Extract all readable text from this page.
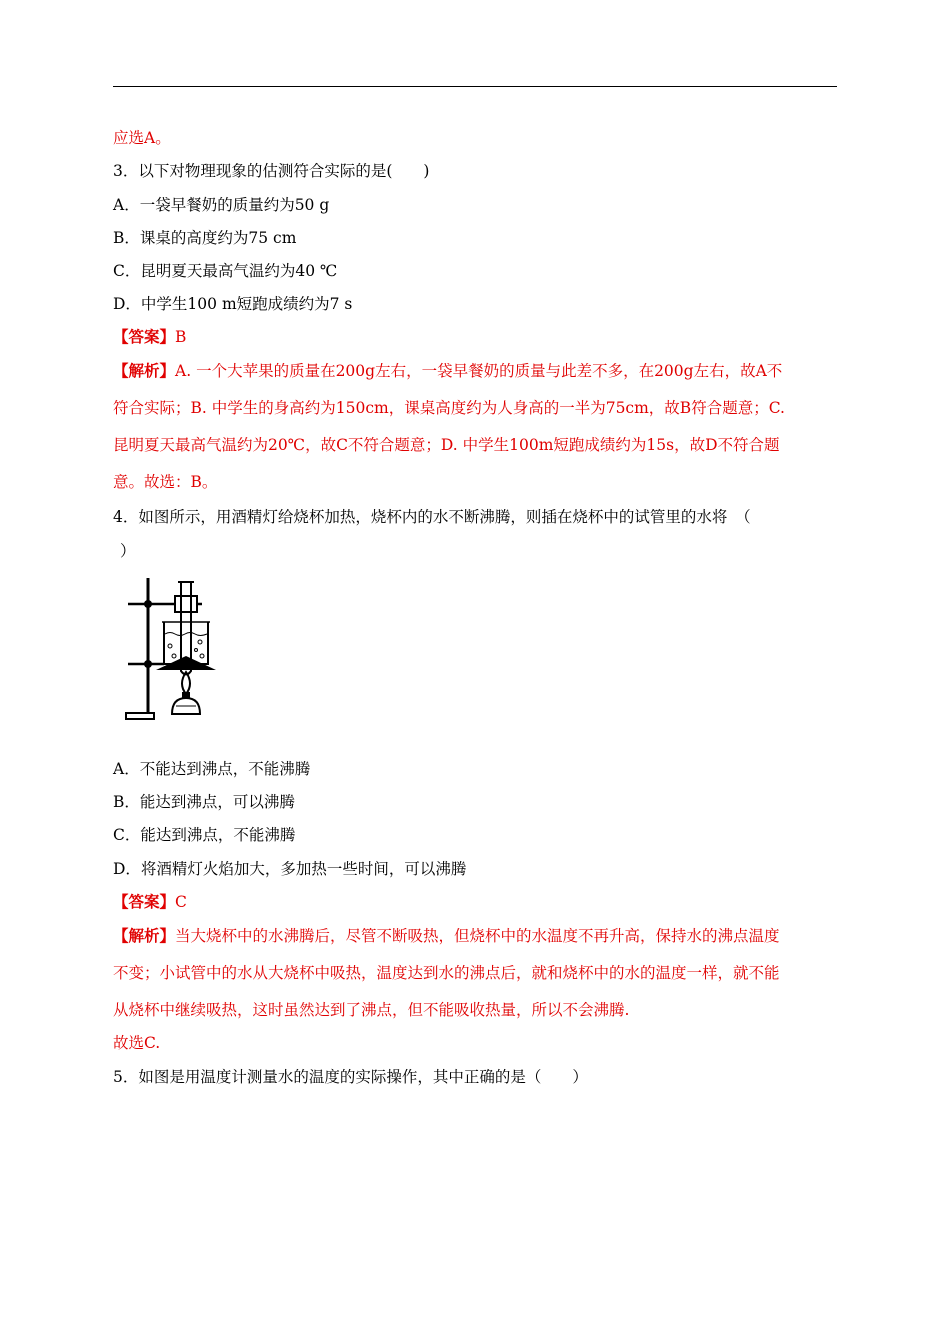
应选A。
3．以下对物理现象的估测符合实际的是(　　)
A．一袋早餐奶的质量约为50 g
B．课桌的高度约为75 cm
C．昆明夏天最高气温约为40 ℃
D．中学生100 m短跑成绩约为7 s
【答案】B
【解析】A. 一个大苹果的质量在200g左右，一袋早餐奶的质量与此差不多，在200g左右，故A不
符合实际；B. 中学生的身高约为150cm，课桌高度约为人身高的一半为75cm，故B符合题意；C.
昆明夏天最高气温约为20℃，故C不符合题意；D. 中学生100m短跑成绩约为15s，故D不符合题
意。故选：B。
4．如图所示，用酒精灯给烧杯加热，烧杯内的水不断沸腾，则插在烧杯中的试管里的水将　（
）
A．不能达到沸点，不能沸腾
B．能达到沸点，可以沸腾
C．能达到沸点，不能沸腾
D．将酒精灯火焰加大，多加热一些时间，可以沸腾
【答案】C
【解析】当大烧杯中的水沸腾后，尽管不断吸热，但烧杯中的水温度不再升高，保持水的沸点温度
不变；小试管中的水从大烧杯中吸热，温度达到水的沸点后，就和烧杯中的水的温度一样，就不能
从烧杯中继续吸热，这时虽然达到了沸点，但不能吸收热量，所以不会沸腾.
故选C.
5．如图是用温度计测量水的温度的实际操作，其中正确的是（　　）
